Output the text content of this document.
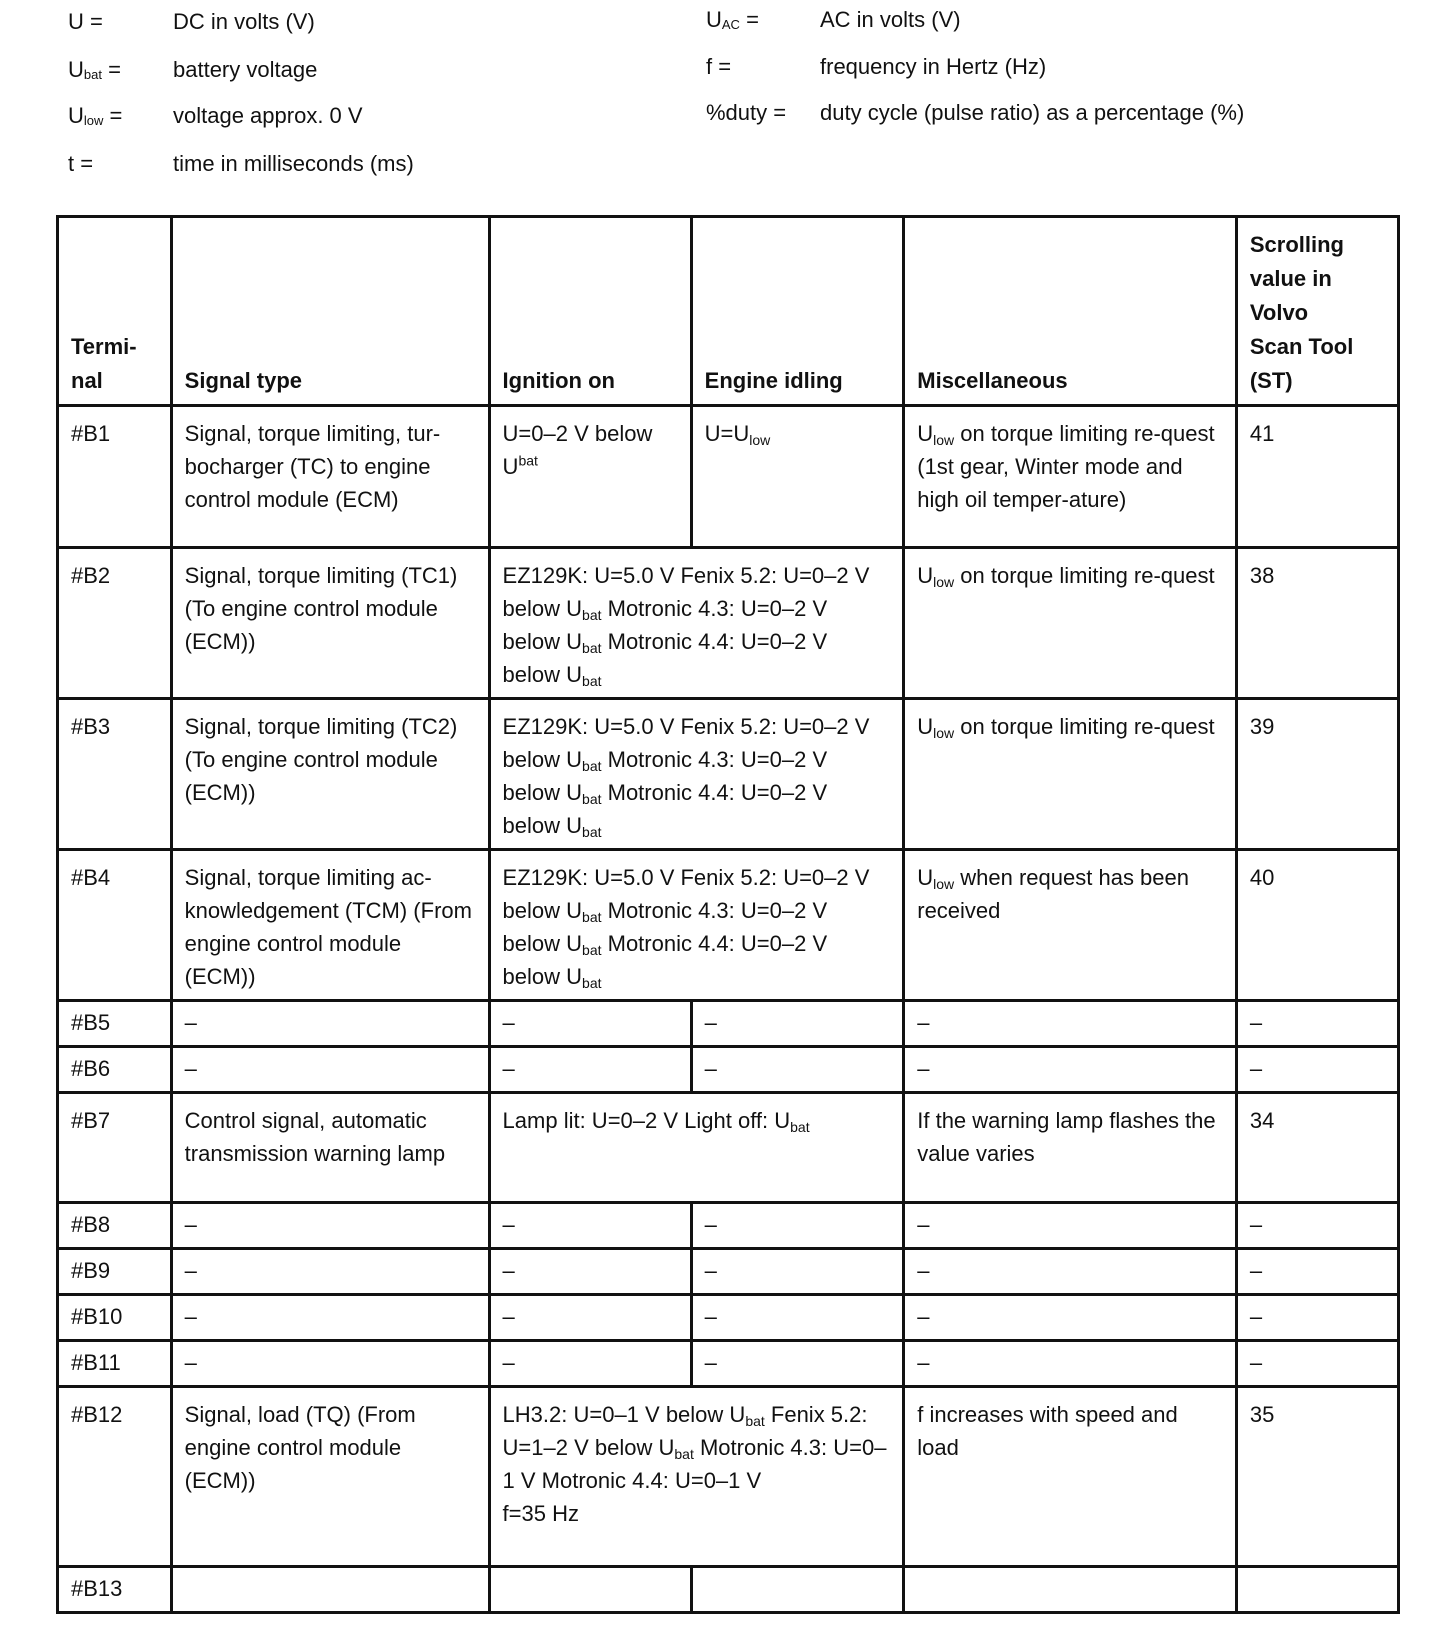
U =	DC in volts (V)
$U_{bat}$ = battery voltage
$U_{low}$ = voltage approx. 0 V
t =	time in milliseconds (ms)
$U_{AC}$ =	AC in volts (V)
f =	frequency in Hertz (Hz)
%duty = duty cycle (pulse ratio) as a percentage (%)
Termi-
nal	Signal type	Ignition on	Engine idling	Miscellaneous	Scrolling
value in
Volvo
Scan Tool
(ST)
#B1	Signal, torque limiting, tur-bocharger (TC) to engine control module (ECM)	U=0–2 V below $U^{bat}$	$U=U_{low}$	$U_{low}$ on torque limiting re-quest (1st gear, Winter mode and high oil temper-ature)	41
#B2	Signal, torque limiting (TC1) (To engine control module (ECM))	EZ129K: U=5.0 V Fenix 5.2: U=0–2 V below $U_{bat}$ Motronic 4.3: U=0–2 V below $U_{bat}$ Motronic 4.4: U=0–2 V below $U_{bat}$		$U_{low}$ on torque limiting re-quest	38
#B3	Signal, torque limiting (TC2) (To engine control module (ECM))	EZ129K: U=5.0 V Fenix 5.2: U=0–2 V below $U_{bat}$ Motronic 4.3: U=0–2 V below $U_{bat}$ Motronic 4.4: U=0–2 V below $U_{bat}$		$U_{low}$ on torque limiting re-quest	39
#B4	Signal, torque limiting ac-knowledgement (TCM) (From engine control module (ECM))	EZ129K: U=5.0 V Fenix 5.2: U=0–2 V below $U_{bat}$ Motronic 4.3: U=0–2 V below $U_{bat}$ Motronic 4.4: U=0–2 V below $U_{bat}$		$U_{low}$ when request has been received	40
#B5	–	–	–	–	–
#B6	–	–	–	–	–
#B7	Control signal, automatic transmission warning lamp	Lamp lit: U=0–2 V Light off: $U_{bat}$		If the warning lamp flashes the value varies	34
#B8	–	–	–	–	–
#B9	–	–	–	–	–
#B10	–	–	–	–	–
#B11	–	–	–	–	–
#B12	Signal, load (TQ) (From engine control module (ECM))	LH3.2: U=0–1 V below $U_{bat}$ Fenix 5.2: U=1–2 V below $U_{bat}$ Motronic 4.3: U=0–1 V Motronic 4.4: U=0–1 V
f=35 Hz		f increases with speed and load	35
#B13					
